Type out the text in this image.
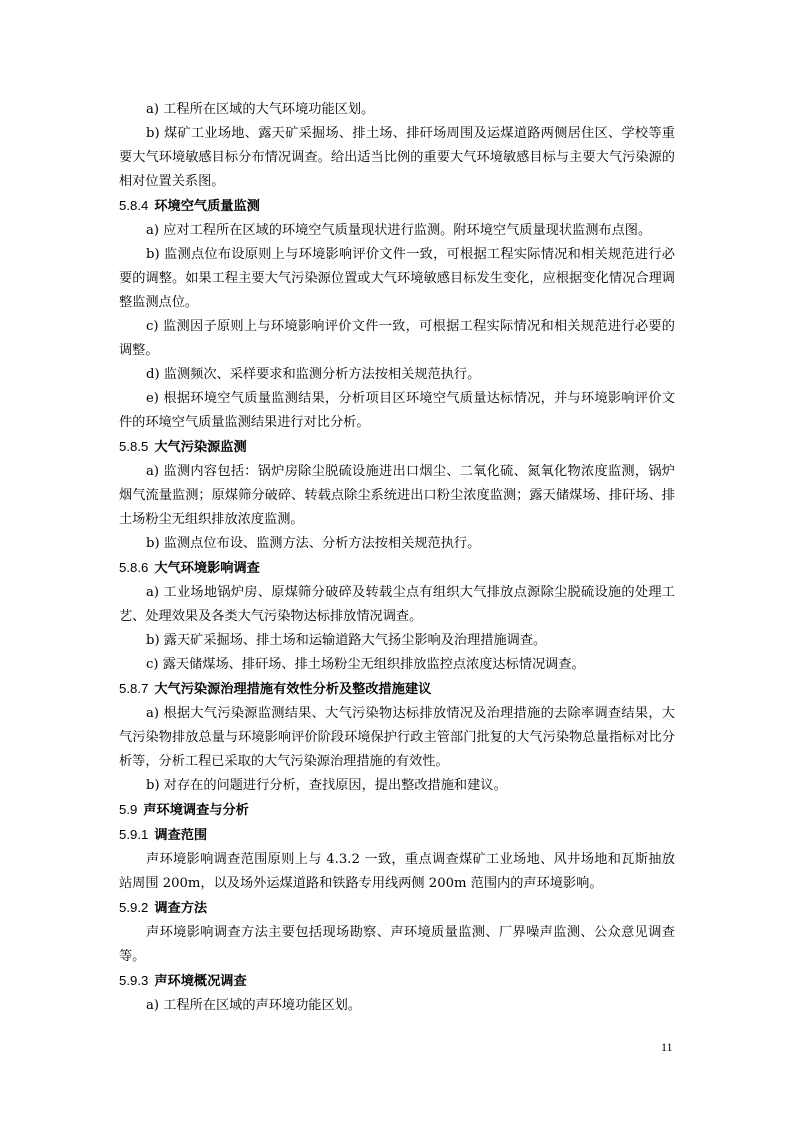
a) 工程所在区域的大气环境功能区划。

b) 煤矿工业场地、露天矿采掘场、排土场、排矸场周围及运煤道路两侧居住区、学校等重要大气环境敏感目标分布情况调查。给出适当比例的重要大气环境敏感目标与主要大气污染源的相对位置关系图。

5.8.4 环境空气质量监测

a) 应对工程所在区域的环境空气质量现状进行监测。附环境空气质量现状监测布点图。

b) 监测点位布设原则上与环境影响评价文件一致，可根据工程实际情况和相关规范进行必要的调整。如果工程主要大气污染源位置或大气环境敏感目标发生变化，应根据变化情况合理调整监测点位。

c) 监测因子原则上与环境影响评价文件一致，可根据工程实际情况和相关规范进行必要的调整。

d) 监测频次、采样要求和监测分析方法按相关规范执行。

e) 根据环境空气质量监测结果，分析项目区环境空气质量达标情况，并与环境影响评价文件的环境空气质量监测结果进行对比分析。

5.8.5 大气污染源监测

a) 监测内容包括：锅炉房除尘脱硫设施进出口烟尘、二氧化硫、氮氧化物浓度监测，锅炉烟气流量监测；原煤筛分破碎、转载点除尘系统进出口粉尘浓度监测；露天储煤场、排矸场、排土场粉尘无组织排放浓度监测。

b) 监测点位布设、监测方法、分析方法按相关规范执行。

5.8.6 大气环境影响调查

a) 工业场地锅炉房、原煤筛分破碎及转载尘点有组织大气排放点源除尘脱硫设施的处理工艺、处理效果及各类大气污染物达标排放情况调查。

b) 露天矿采掘场、排土场和运输道路大气扬尘影响及治理措施调查。

c) 露天储煤场、排矸场、排土场粉尘无组织排放监控点浓度达标情况调查。

5.8.7 大气污染源治理措施有效性分析及整改措施建议

a) 根据大气污染源监测结果、大气污染物达标排放情况及治理措施的去除率调查结果，大气污染物排放总量与环境影响评价阶段环境保护行政主管部门批复的大气污染物总量指标对比分析等，分析工程已采取的大气污染源治理措施的有效性。

b) 对存在的问题进行分析，查找原因，提出整改措施和建议。

5.9 声环境调查与分析
5.9.1 调查范围

声环境影响调查范围原则上与 4.3.2 一致，重点调查煤矿工业场地、风井场地和瓦斯抽放站周围 200m，以及场外运煤道路和铁路专用线两侧 200m 范围内的声环境影响。

5.9.2 调查方法

声环境影响调查方法主要包括现场勘察、声环境质量监测、厂界噪声监测、公众意见调查等。

5.9.3 声环境概况调查

a) 工程所在区域的声环境功能区划。

11
